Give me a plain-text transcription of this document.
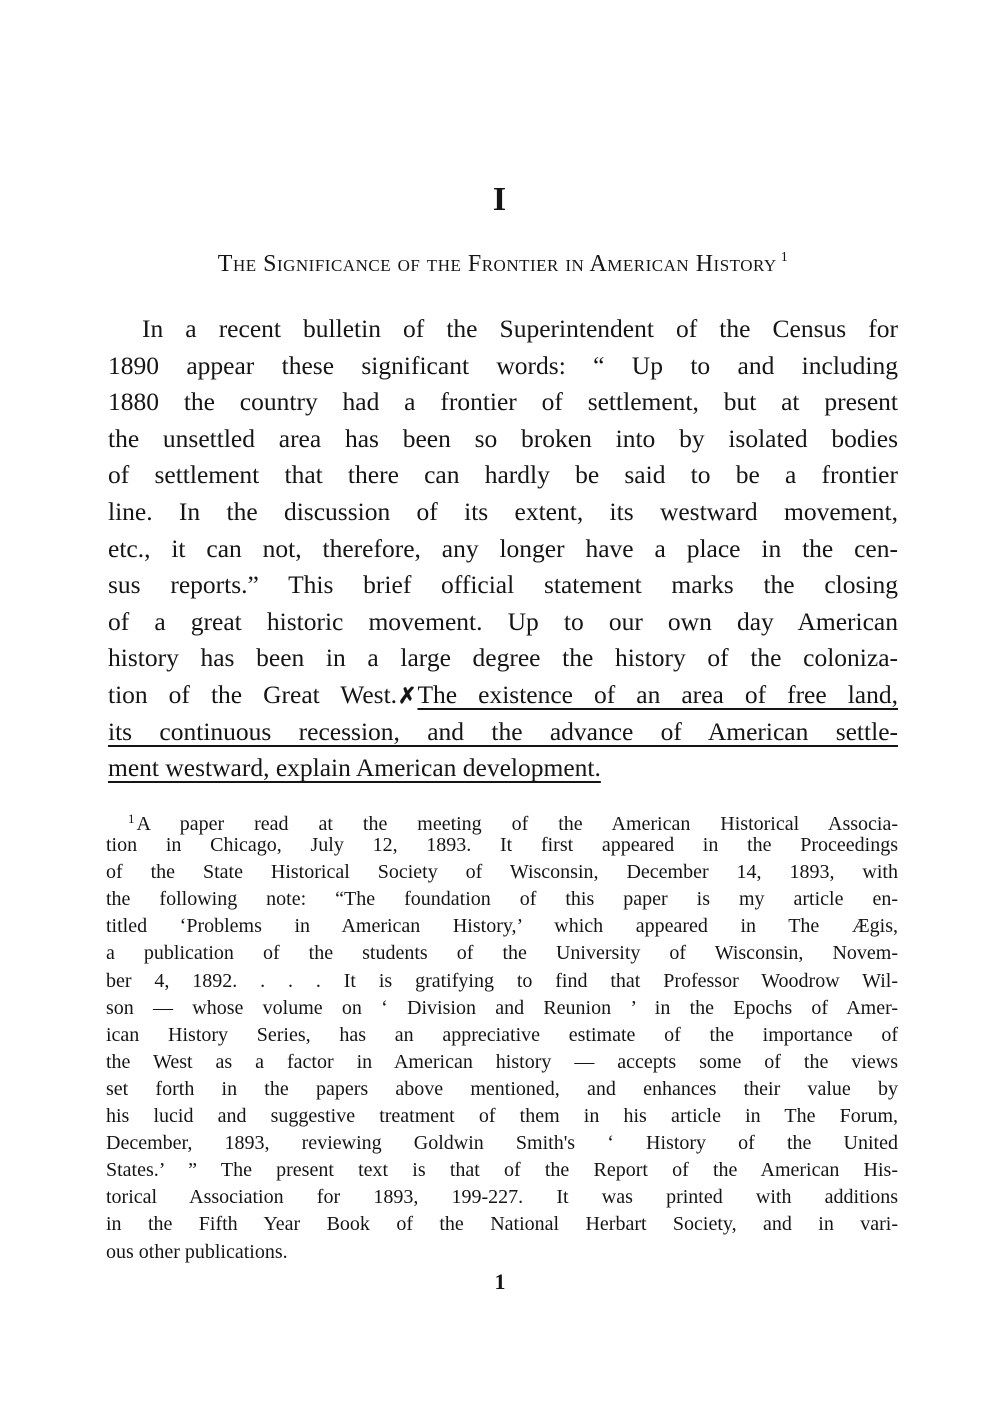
I
The Significance of the Frontier in American History $^1$
In a recent bulletin of the Superintendent of the Census for
1890 appear these significant words: “ Up to and including
1880 the country had a frontier of settlement, but at present
the unsettled area has been so broken into by isolated bodies
of settlement that there can hardly be said to be a frontier
line. In the discussion of its extent, its westward movement,
etc., it can not, therefore, any longer have a place in the cen-
sus reports.” This brief official statement marks the closing
of a great historic movement. Up to our own day American
history has been in a large degree the history of the coloniza-
tion of the Great West.✗The existence of an area of free land,
its continuous recession, and the advance of American settle-
ment westward, explain American development.
$^1$ A paper read at the meeting of the American Historical Associa-
tion in Chicago, July 12, 1893. It first appeared in the Proceedings
of the State Historical Society of Wisconsin, December 14, 1893, with
the following note: “The foundation of this paper is my article en-
titled ‘Problems in American History,’ which appeared in The Ægis,
a publication of the students of the University of Wisconsin, Novem-
ber 4, 1892. . . . It is gratifying to find that Professor Woodrow Wil-
son — whose volume on ‘ Division and Reunion ’ in the Epochs of Amer-
ican History Series, has an appreciative estimate of the importance of
the West as a factor in American history — accepts some of the views
set forth in the papers above mentioned, and enhances their value by
his lucid and suggestive treatment of them in his article in The Forum,
December, 1893, reviewing Goldwin Smith's ‘ History of the United
States.’ ” The present text is that of the Report of the American His-
torical Association for 1893, 199-227. It was printed with additions
in the Fifth Year Book of the National Herbart Society, and in vari-
ous other publications.
1
